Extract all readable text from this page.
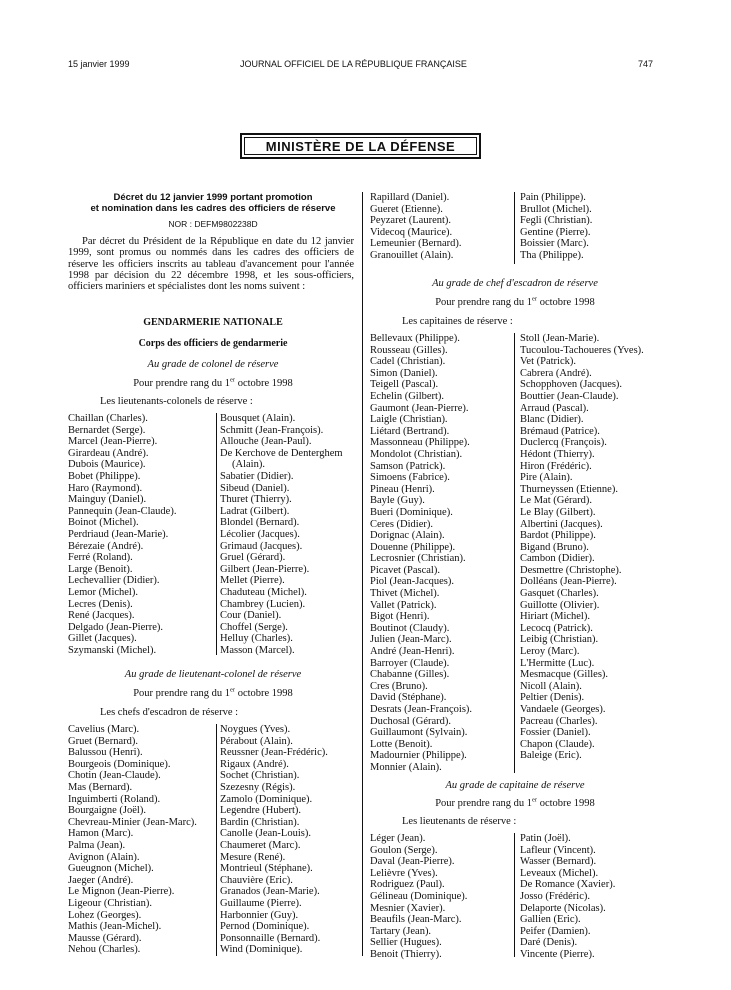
15 janvier 1999	JOURNAL OFFICIEL DE LA RÉPUBLIQUE FRANÇAISE	747
MINISTÈRE DE LA DÉFENSE
Décret du 12 janvier 1999 portant promotion
et nomination dans les cadres des officiers de réserve
NOR : DEFM9802238D
Par décret du Président de la République en date du 12 janvier 1999, sont promus ou nommés dans les cadres des officiers de réserve les officiers inscrits au tableau d'avancement pour l'année 1998 par décision du 22 décembre 1998, et les sous-officiers, officiers mariniers et spécialistes dont les noms suivent :
GENDARMERIE NATIONALE
Corps des officiers de gendarmerie
Au grade de colonel de réserve
Pour prendre rang du 1er octobre 1998
Les lieutenants-colonels de réserve :
Chaillan (Charles).
Bernardet (Serge).
Marcel (Jean-Pierre).
Girardeau (André).
Dubois (Maurice).
Bobet (Philippe).
Haro (Raymond).
Mainguy (Daniel).
Pannequin (Jean-Claude).
Boinot (Michel).
Perdriaud (Jean-Marie).
Bérezaie (André).
Ferré (Roland).
Large (Benoit).
Lechevallier (Didier).
Lemor (Michel).
Lecres (Denis).
René (Jacques).
Delgado (Jean-Pierre).
Gillet (Jacques).
Szymanski (Michel).
Bousquet (Alain).
Schmitt (Jean-François).
Allouche (Jean-Paul).
De Kerchove de Denterghem
(Alain).
Sabatier (Didier).
Sibeud (Daniel).
Thuret (Thierry).
Ladrat (Gilbert).
Blondel (Bernard).
Lécolier (Jacques).
Grimaud (Jacques).
Gruel (Gérard).
Gilbert (Jean-Pierre).
Mellet (Pierre).
Chaduteau (Michel).
Chambrey (Lucien).
Cour (Daniel).
Choffel (Serge).
Helluy (Charles).
Masson (Marcel).
Au grade de lieutenant-colonel de réserve
Pour prendre rang du 1er octobre 1998
Les chefs d'escadron de réserve :
Cavelius (Marc).
Gruet (Bernard).
Balussou (Henri).
Bourgeois (Dominique).
Chotin (Jean-Claude).
Mas (Bernard).
Inguimberti (Roland).
Bourgaigne (Joël).
Chevreau-Minier (Jean-Marc).
Hamon (Marc).
Palma (Jean).
Avignon (Alain).
Gueugnon (Michel).
Jaeger (André).
Le Mignon (Jean-Pierre).
Ligeour (Christian).
Lohez (Georges).
Mathis (Jean-Michel).
Mausse (Gérard).
Nehou (Charles).
Noygues (Yves).
Pérabout (Alain).
Reussner (Jean-Frédéric).
Rigaux (André).
Sochet (Christian).
Szezesny (Régis).
Zamolo (Dominique).
Legendre (Hubert).
Bardin (Christian).
Canolle (Jean-Louis).
Chaumeret (Marc).
Mesure (René).
Montrieul (Stéphane).
Chauvière (Eric).
Granados (Jean-Marie).
Guillaume (Pierre).
Harbonnier (Guy).
Pernod (Dominique).
Ponsonnaille (Bernard).
Wind (Dominique).
Rapillard (Daniel).
Gueret (Etienne).
Peyzaret (Laurent).
Videcoq (Maurice).
Lemeunier (Bernard).
Granouillet (Alain).
Pain (Philippe).
Brullot (Michel).
Fegli (Christian).
Gentine (Pierre).
Boissier (Marc).
Tha (Philippe).
Au grade de chef d'escadron de réserve
Pour prendre rang du 1er octobre 1998
Les capitaines de réserve :
Bellevaux (Philippe).
Rousseau (Gilles).
Cadel (Christian).
Simon (Daniel).
Teigell (Pascal).
Echelin (Gilbert).
Gaumont (Jean-Pierre).
Laigle (Christian).
Liétard (Bertrand).
Massonneau (Philippe).
Mondolot (Christian).
Samson (Patrick).
Simoens (Fabrice).
Pineau (Henri).
Bayle (Guy).
Bueri (Dominique).
Ceres (Didier).
Dorignac (Alain).
Douenne (Philippe).
Lecrosnier (Christian).
Picavet (Pascal).
Piol (Jean-Jacques).
Thivet (Michel).
Vallet (Patrick).
Bigot (Henri).
Boutinot (Claudy).
Julien (Jean-Marc).
André (Jean-Henri).
Barroyer (Claude).
Chabanne (Gilles).
Cres (Bruno).
David (Stéphane).
Desrats (Jean-François).
Duchosal (Gérard).
Guillaumont (Sylvain).
Lotte (Benoit).
Madournier (Philippe).
Monnier (Alain).
Stoll (Jean-Marie).
Tucoulou-Tachoueres (Yves).
Vet (Patrick).
Cabrera (André).
Schopphoven (Jacques).
Bouttier (Jean-Claude).
Arraud (Pascal).
Blanc (Didier).
Brémaud (Patrice).
Duclercq (François).
Hédont (Thierry).
Hiron (Frédéric).
Pire (Alain).
Thurneyssen (Etienne).
Le Mat (Gérard).
Le Blay (Gilbert).
Albertini (Jacques).
Bardot (Philippe).
Bigand (Bruno).
Cambon (Didier).
Desmettre (Christophe).
Dolléans (Jean-Pierre).
Gasquet (Charles).
Guillotte (Olivier).
Hiriart (Michel).
Lecocq (Patrick).
Leibig (Christian).
Leroy (Marc).
L'Hermitte (Luc).
Mesmacque (Gilles).
Nicoll (Alain).
Peltier (Denis).
Vandaele (Georges).
Pacreau (Charles).
Fossier (Daniel).
Chapon (Claude).
Baleige (Eric).
Au grade de capitaine de réserve
Pour prendre rang du 1er octobre 1998
Les lieutenants de réserve :
Léger (Jean).
Goulon (Serge).
Daval (Jean-Pierre).
Lelièvre (Yves).
Rodriguez (Paul).
Gélineau (Dominique).
Mesnier (Xavier).
Beaufils (Jean-Marc).
Tartary (Jean).
Sellier (Hugues).
Benoit (Thierry).
Patin (Joël).
Lafleur (Vincent).
Wasser (Bernard).
Leveaux (Michel).
De Romance (Xavier).
Josso (Frédéric).
Delaporte (Nicolas).
Gallien (Eric).
Peifer (Damien).
Daré (Denis).
Vincente (Pierre).
